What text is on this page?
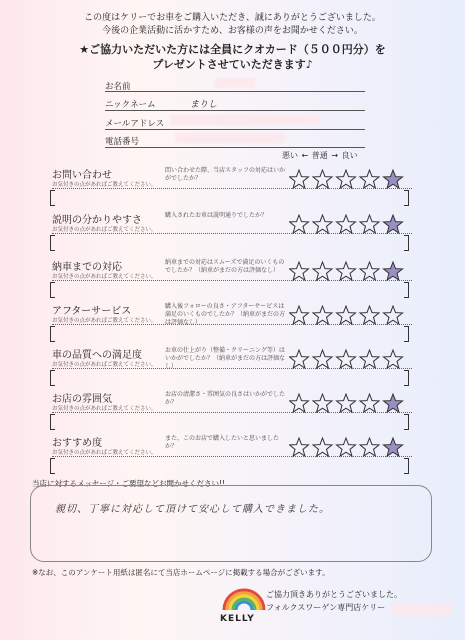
この度はケリーでお車をご購入いただき、誠にありがとうございました。
今後の企業活動に活かすため、お客様の声をお聞かせください。
★ご協力いただいた方には全員にクオカード（５００円分）を
プレゼントさせていただきます♪
お名前
ニックネーム	まりし
メールアドレス
電話番号
悪い ← 普通 → 良い
お問い合わせ
お気付きの点があればご教えてください。
問い合わせた際、当店スタッフの対応はいかがでしたか？
説明の分かりやすさ
お気付きの点があればご教えてください。
購入されたお車は説明通りでしたか？
納車までの対応
お気付きの点があればご教えてください。
納車までの対応はスムーズで満足のいくものでしたか？（納車がまだの方は評価なし）
アフターサービス
お気付きの点があればご教えてください。
購入後フォローの良さ・アフターサービスは満足のいくものでしたか？（納車がまだの方は評価なし）
車の品質への満足度
お気付きの点があればご教えてください。
お車の仕上がり（整備・クリーニング等）はいかがでしたか？（納車がまだの方は評価なし）
お店の雰囲気
お気付きの点があればご教えてください。
お店の清潔さ・雰囲気の良さはいかがでしたか？
おすすめ度
お気付きの点があればご教えてください。
また、このお店で購入したいと思いましたか？
当店に対するメッセージ・ご要望などお聞かせください!!
親切、丁寧に対応して頂けて安心して購入できました。
※なお、このアンケート用紙は匿名にて当店ホームページに掲載する場合がございます。
KELLY
ご協力頂きありがとうございました。
フォルクスワーゲン専門店ケリー
